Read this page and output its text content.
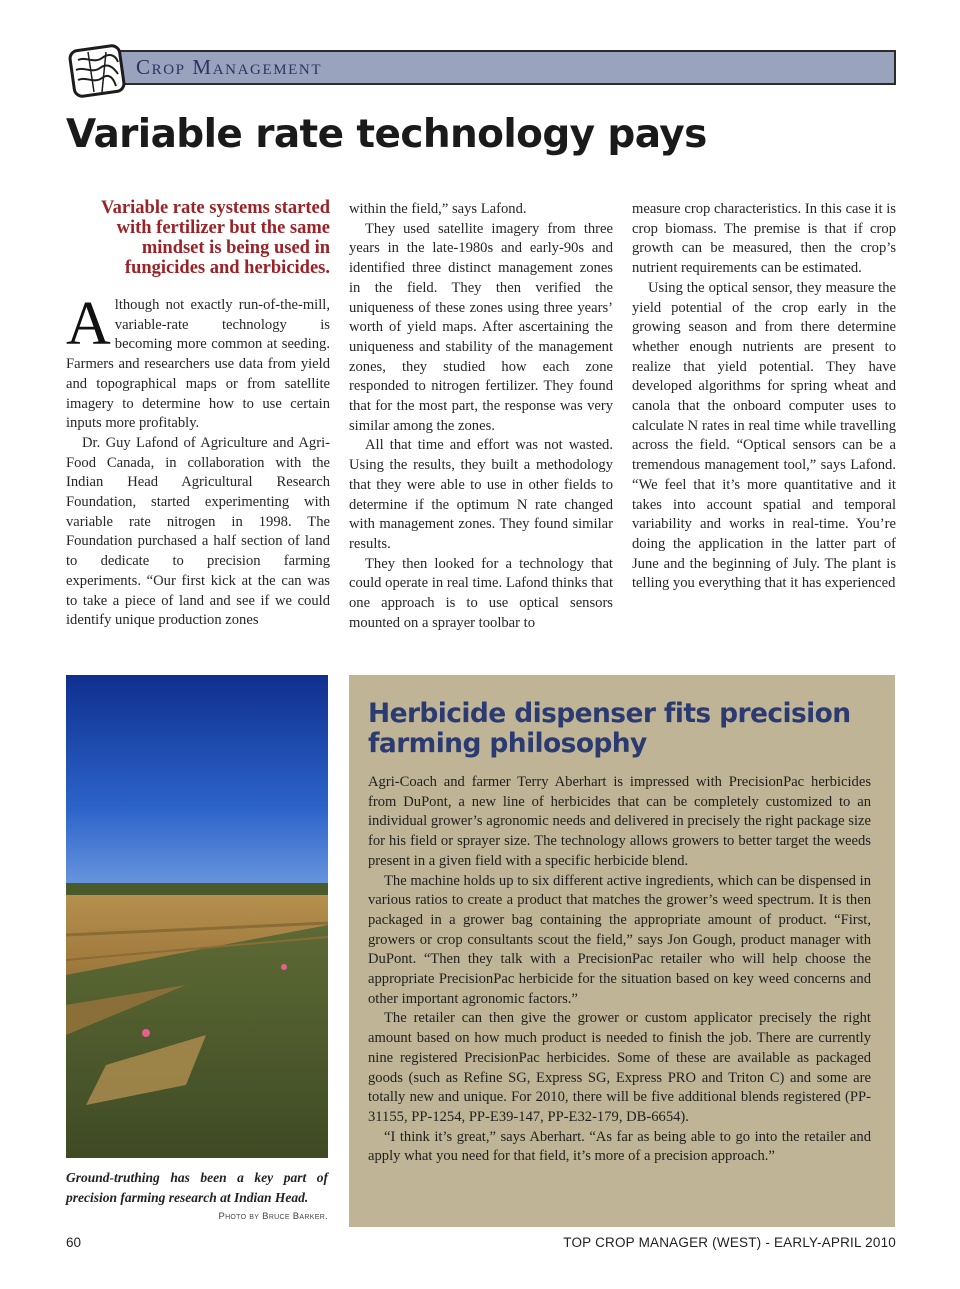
Crop Management
Variable rate technology pays
Variable rate systems started with fertilizer but the same mindset is being used in fungicides and herbicides.

Although not exactly run-of-the-mill, variable-rate technology is becoming more common at seeding. Farmers and researchers use data from yield and topographical maps or from satellite imagery to determine how to use certain inputs more profitably.

Dr. Guy Lafond of Agriculture and Agri-Food Canada, in collaboration with the Indian Head Agricultural Research Foundation, started experimenting with variable rate nitrogen in 1998. The Foundation purchased a half section of land to dedicate to precision farming experiments. “Our first kick at the can was to take a piece of land and see if we could identify unique production zones

within the field,” says Lafond.

They used satellite imagery from three years in the late-1980s and early-90s and identified three distinct management zones in the field. They then verified the uniqueness of these zones using three years’ worth of yield maps. After ascertaining the uniqueness and stability of the management zones, they studied how each zone responded to nitrogen fertilizer. They found that for the most part, the response was very similar among the zones.

All that time and effort was not wasted. Using the results, they built a methodology that they were able to use in other fields to determine if the optimum N rate changed with management zones. They found similar results.

They then looked for a technology that could operate in real time. Lafond thinks that one approach is to use optical sensors mounted on a sprayer toolbar to

measure crop characteristics. In this case it is crop biomass. The premise is that if crop growth can be measured, then the crop’s nutrient requirements can be estimated.

Using the optical sensor, they measure the yield potential of the crop early in the growing season and from there determine whether enough nutrients are present to realize that yield potential. They have developed algorithms for spring wheat and canola that the onboard computer uses to calculate N rates in real time while travelling across the field. “Optical sensors can be a tremendous management tool,” says Lafond. “We feel that it’s more quantitative and it takes into account spatial and temporal variability and works in real-time. You’re doing the application in the latter part of June and the beginning of July. The plant is telling you everything that it has experienced

Ground-truthing has been a key part of precision farming research at Indian Head.
Photo by Bruce Barker.
Herbicide dispenser fits precision farming philosophy

Agri-Coach and farmer Terry Aberhart is impressed with PrecisionPac herbicides from DuPont, a new line of herbicides that can be completely customized to an individual grower’s agronomic needs and delivered in precisely the right package size for his field or sprayer size. The technology allows growers to better target the weeds present in a given field with a specific herbicide blend.

The machine holds up to six different active ingredients, which can be dispensed in various ratios to create a product that matches the grower’s weed spectrum. It is then packaged in a grower bag containing the appropriate amount of product. “First, growers or crop consultants scout the field,” says Jon Gough, product manager with DuPont. “Then they talk with a PrecisionPac retailer who will help choose the appropriate PrecisionPac herbicide for the situation based on key weed concerns and other important agronomic factors.”

The retailer can then give the grower or custom applicator precisely the right amount based on how much product is needed to finish the job. There are currently nine registered PrecisionPac herbicides. Some of these are available as packaged goods (such as Refine SG, Express SG, Express PRO and Triton C) and some are totally new and unique. For 2010, there will be five additional blends registered (PP-31155, PP-1254, PP-E39-147, PP-E32-179, DB-6654).

“I think it’s great,” says Aberhart. “As far as being able to go into the retailer and apply what you need for that field, it’s more of a precision approach.”

60	TOP CROP MANAGER (WEST) - EARLY-APRIL 2010
